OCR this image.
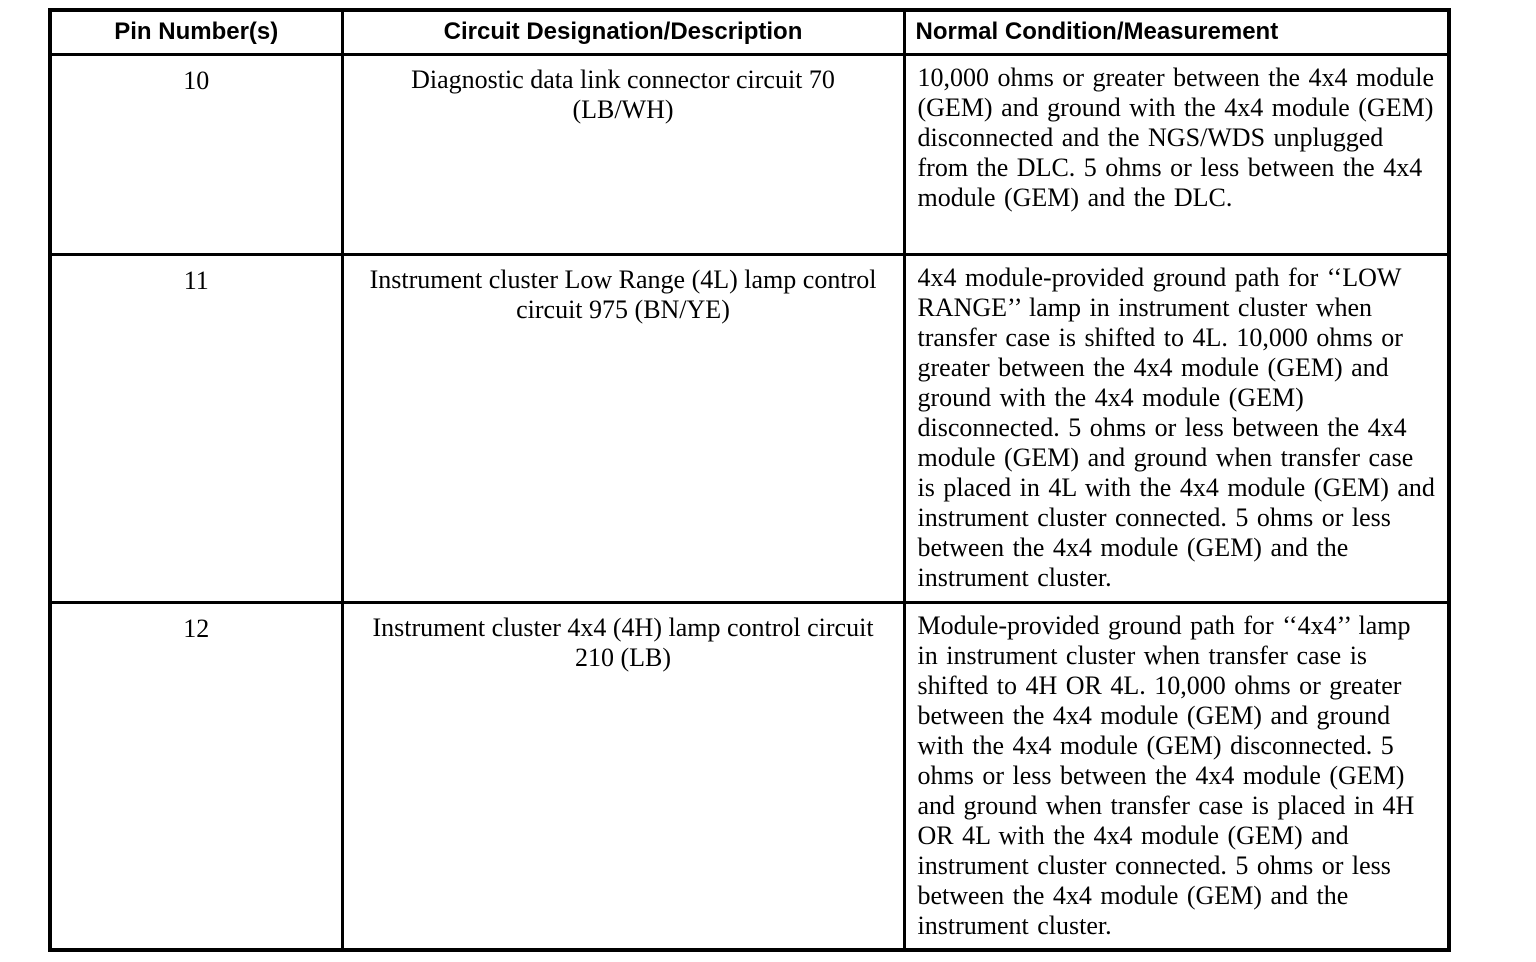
Pin Number(s)	Circuit Designation/Description	Normal Condition/Measurement
10	Diagnostic data link connector circuit 70 (LB/WH)	10,000 ohms or greater between the 4x4 module (GEM) and ground with the 4x4 module (GEM) disconnected and the NGS/WDS unplugged from the DLC. 5 ohms or less between the 4x4 module (GEM) and the DLC.
11	Instrument cluster Low Range (4L) lamp control circuit 975 (BN/YE)	4x4 module-provided ground path for ‘‘LOW RANGE’’ lamp in instrument cluster when transfer case is shifted to 4L. 10,000 ohms or greater between the 4x4 module (GEM) and ground with the 4x4 module (GEM) disconnected. 5 ohms or less between the 4x4 module (GEM) and ground when transfer case is placed in 4L with the 4x4 module (GEM) and instrument cluster connected. 5 ohms or less between the 4x4 module (GEM) and the instrument cluster.
12	Instrument cluster 4x4 (4H) lamp control circuit 210 (LB)	Module-provided ground path for ‘‘4x4’’ lamp in instrument cluster when transfer case is shifted to 4H OR 4L. 10,000 ohms or greater between the 4x4 module (GEM) and ground with the 4x4 module (GEM) disconnected. 5 ohms or less between the 4x4 module (GEM) and ground when transfer case is placed in 4H OR 4L with the 4x4 module (GEM) and instrument cluster connected. 5 ohms or less between the 4x4 module (GEM) and the instrument cluster.
